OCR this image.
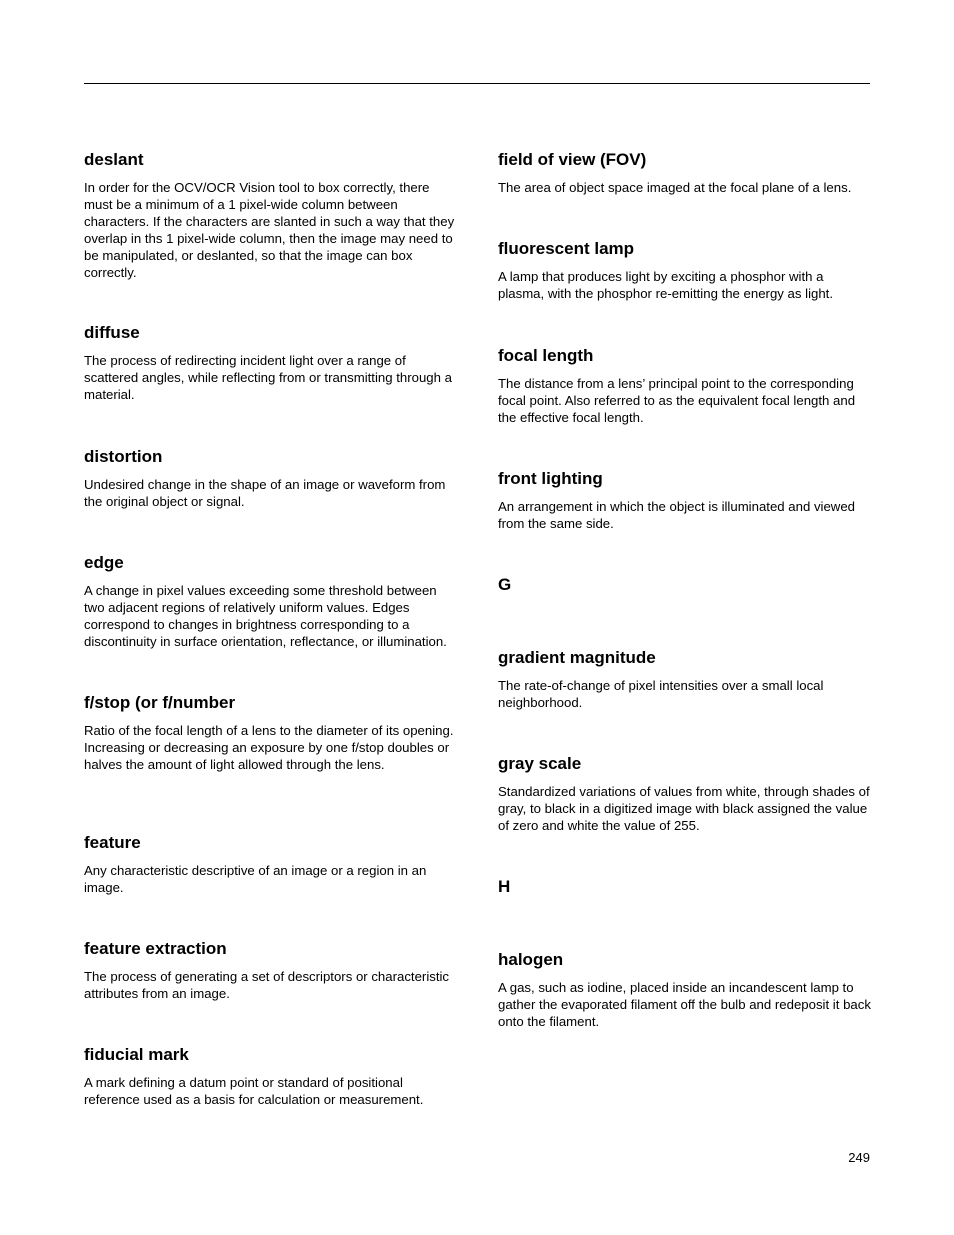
deslant

In order for the OCV/OCR Vision tool to box correctly, there must be a minimum of a 1 pixel-wide column between characters. If the characters are slanted in such a way that they overlap in ths 1 pixel-wide column, then the image may need to be manipulated, or deslanted, so that the image can box correctly.

diffuse

The process of redirecting incident light over a range of scattered angles, while reflecting from or transmitting through a material.

distortion

Undesired change in the shape of an image or waveform from the original object or signal.

edge

A change in pixel values exceeding some threshold between two adjacent regions of relatively uniform values. Edges correspond to changes in brightness corresponding to a discontinuity in surface orientation, reflectance, or illumination.

f/stop (or f/number

Ratio of the focal length of a lens to the diameter of its opening. Increasing or decreasing an exposure by one f/stop doubles or halves the amount of light allowed through the lens.

feature

Any characteristic descriptive of an image or a region in an image.

feature extraction

The process of generating a set of descriptors or characteristic attributes from an image.

fiducial mark

A mark defining a datum point or standard of positional reference used as a basis for calculation or measurement.

field of view (FOV)

The area of object space imaged at the focal plane of a lens.

fluorescent lamp

A lamp that produces light by exciting a phosphor with a plasma, with the phosphor re-emitting the energy as light.

focal length

The distance from a lens’ principal point to the corresponding focal point. Also referred to as the equivalent focal length and the effective focal length.

front lighting

An arrangement in which the object is illuminated and viewed from the same side.

G
gradient magnitude

The rate-of-change of pixel intensities over a small local neighborhood.

gray scale

Standardized variations of values from white, through shades of gray, to black in a digitized image with black assigned the value of zero and white the value of 255.

H
halogen

A gas, such as iodine, placed inside an incandescent lamp to gather the evaporated filament off the bulb and redeposit it back onto the filament.

249
